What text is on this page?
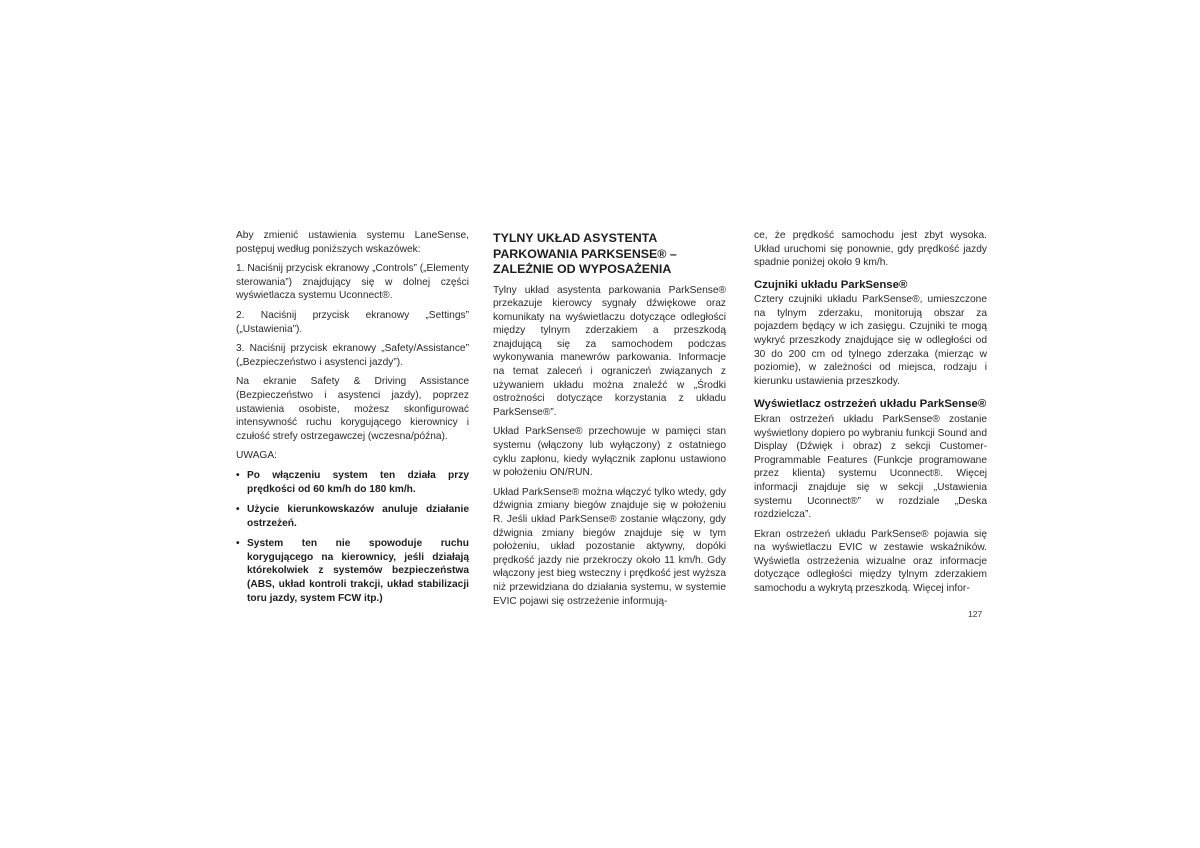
Aby zmienić ustawienia systemu LaneSense, postępuj według poniższych wskazówek:

1. Naciśnij przycisk ekranowy „Controls” („Elementy sterowania”) znajdujący się w dolnej części wyświetlacza systemu Uconnect®.

2. Naciśnij przycisk ekranowy „Settings” („Ustawienia”).

3. Naciśnij przycisk ekranowy „Safety/Assistance” („Bezpieczeństwo i asystenci jazdy”).

Na ekranie Safety & Driving Assistance (Bezpieczeństwo i asystenci jazdy), poprzez ustawienia osobiste, możesz skonfigurować intensywność ruchu korygującego kierownicy i czułość strefy ostrzegawczej (wczesna/późna).

UWAGA:

• Po włączeniu system ten działa przy prędkości od 60 km/h do 180 km/h.
• Użycie kierunkowskazów anuluje działanie ostrzeżeń.
• System ten nie spowoduje ruchu korygującego na kierownicy, jeśli działają którekolwiek z systemów bezpieczeństwa (ABS, układ kontroli trakcji, układ stabilizacji toru jazdy, system FCW itp.)
TYLNY UKŁAD ASYSTENTA PARKOWANIA PARKSENSE® – ZALEŻNIE OD WYPOSAŻENIA

Tylny układ asystenta parkowania ParkSense® przekazuje kierowcy sygnały dźwiękowe oraz komunikaty na wyświetlaczu dotyczące odległości między tylnym zderzakiem a przeszkodą znajdującą się za samochodem podczas wykonywania manewrów parkowania. Informacje na temat zaleceń i ograniczeń związanych z używaniem układu można znaleźć w „Środki ostrożności dotyczące korzystania z układu ParkSense®”.

Układ ParkSense® przechowuje w pamięci stan systemu (włączony lub wyłączony) z ostatniego cyklu zapłonu, kiedy wyłącznik zapłonu ustawiono w położeniu ON/RUN.

Układ ParkSense® można włączyć tylko wtedy, gdy dźwignia zmiany biegów znajduje się w położeniu R. Jeśli układ ParkSense® zostanie włączony, gdy dźwignia zmiany biegów znajduje się w tym położeniu, układ pozostanie aktywny, dopóki prędkość jazdy nie przekroczy około 11 km/h. Gdy włączony jest bieg wsteczny i prędkość jest wyższa niż przewidziana do działania systemu, w systemie EVIC pojawi się ostrzeżenie informują-

ce, że prędkość samochodu jest zbyt wysoka. Układ uruchomi się ponownie, gdy prędkość jazdy spadnie poniżej około 9 km/h.

Czujniki układu ParkSense®

Cztery czujniki układu ParkSense®, umieszczone na tylnym zderzaku, monitorują obszar za pojazdem będący w ich zasięgu. Czujniki te mogą wykryć przeszkody znajdujące się w odległości od 30 do 200 cm od tylnego zderzaka (mierząc w poziomie), w zależności od miejsca, rodzaju i kierunku ustawienia przeszkody.

Wyświetlacz ostrzeżeń układu ParkSense®

Ekran ostrzeżeń układu ParkSense® zostanie wyświetlony dopiero po wybraniu funkcji Sound and Display (Dźwięk i obraz) z sekcji Customer-Programmable Features (Funkcje programowane przez klienta) systemu Uconnect®. Więcej informacji znajduje się w sekcji „Ustawienia systemu Uconnect®” w rozdziale „Deska rozdzielcza”.

Ekran ostrzeżeń układu ParkSense® pojawia się na wyświetlaczu EVIC w zestawie wskaźników. Wyświetla ostrzeżenia wizualne oraz informacje dotyczące odległości między tylnym zderzakiem samochodu a wykrytą przeszkodą. Więcej infor-

127
